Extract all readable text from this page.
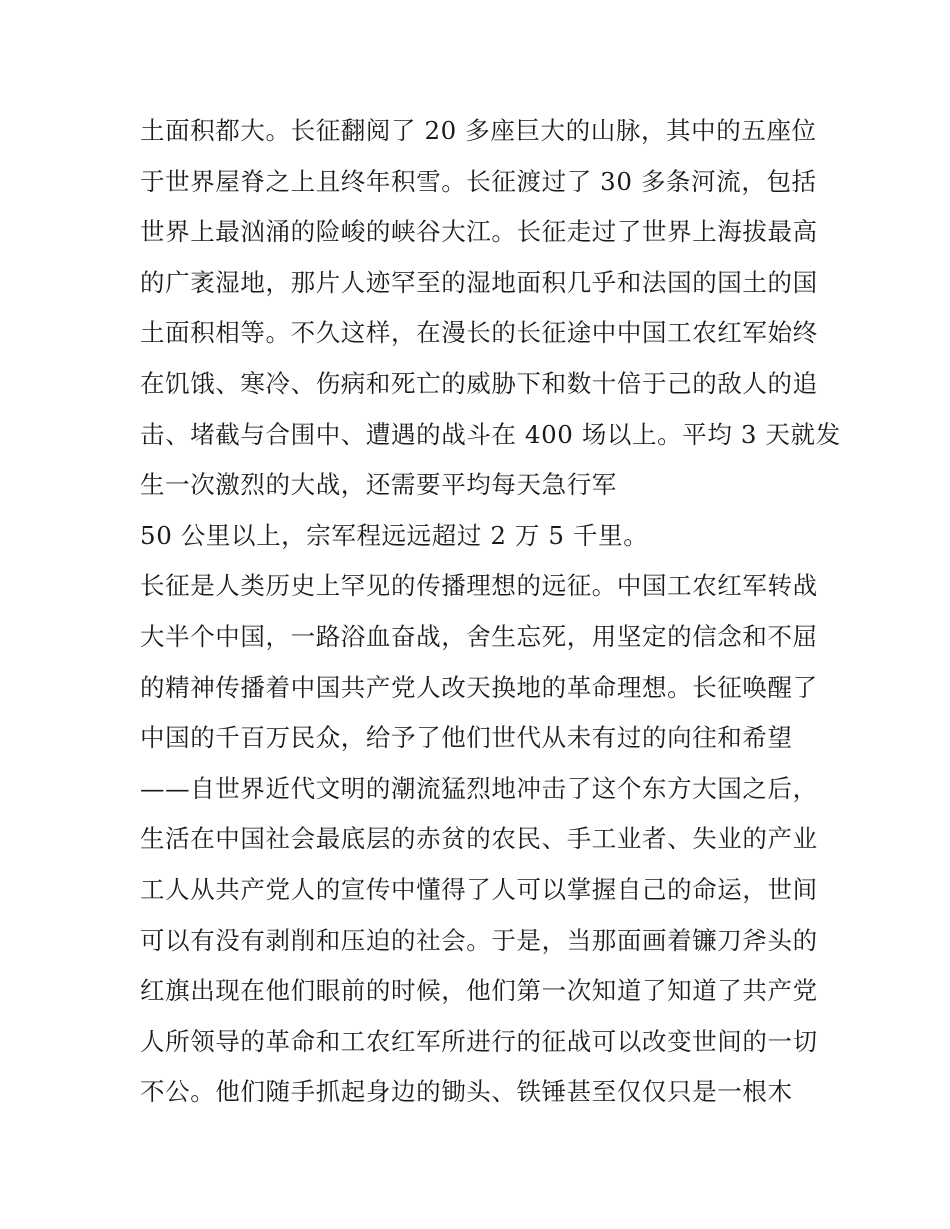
土面积都大。长征翻阅了 20 多座巨大的山脉，其中的五座位
于世界屋脊之上且终年积雪。长征渡过了 30 多条河流，包括
世界上最汹涌的险峻的峡谷大江。长征走过了世界上海拔最高
的广袤湿地，那片人迹罕至的湿地面积几乎和法国的国土的国
土面积相等。不久这样，在漫长的长征途中中国工农红军始终
在饥饿、寒冷、伤病和死亡的威胁下和数十倍于己的敌人的追
击、堵截与合围中、遭遇的战斗在 400 场以上。平均 3 天就发
生一次激烈的大战，还需要平均每天急行军
50 公里以上，宗军程远远超过 2 万 5 千里。
长征是人类历史上罕见的传播理想的远征。中国工农红军转战
大半个中国，一路浴血奋战，舍生忘死，用坚定的信念和不屈
的精神传播着中国共产党人改天换地的革命理想。长征唤醒了
中国的千百万民众，给予了他们世代从未有过的向往和希望
——自世界近代文明的潮流猛烈地冲击了这个东方大国之后，
生活在中国社会最底层的赤贫的农民、手工业者、失业的产业
工人从共产党人的宣传中懂得了人可以掌握自己的命运，世间
可以有没有剥削和压迫的社会。于是，当那面画着镰刀斧头的
红旗出现在他们眼前的时候，他们第一次知道了知道了共产党
人所领导的革命和工农红军所进行的征战可以改变世间的一切
不公。他们随手抓起身边的锄头、铁锤甚至仅仅只是一根木
